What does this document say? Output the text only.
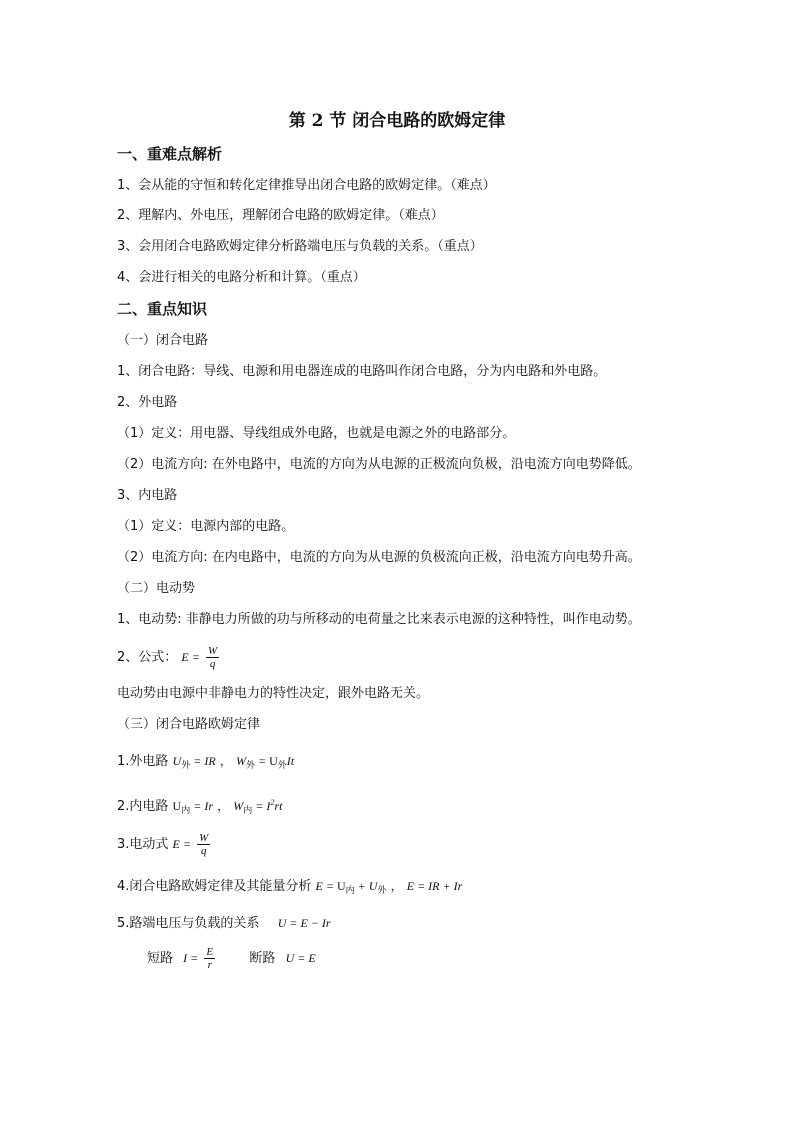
第 2 节 闭合电路的欧姆定律
一、重难点解析
1、会从能的守恒和转化定律推导出闭合电路的欧姆定律。（难点）
2、理解内、外电压，理解闭合电路的欧姆定律。（难点）
3、会用闭合电路欧姆定律分析路端电压与负载的关系。（重点）
4、会进行相关的电路分析和计算。（重点）
二、重点知识
（一）闭合电路
1、闭合电路：导线、电源和用电器连成的电路叫作闭合电路，分为内电路和外电路。
2、外电路
（1）定义：用电器、导线组成外电路，也就是电源之外的电路部分。
（2）电流方向: 在外电路中，电流的方向为从电源的正极流向负极，沿电流方向电势降低。
3、内电路
（1）定义：电源内部的电路。
（2）电流方向: 在内电路中，电流的方向为从电源的负极流向正极，沿电流方向电势升高。
（二）电动势
1、电动势: 非静电力所做的功与所移动的电荷量之比来表示电源的这种特性，叫作电动势。
2、公式： $E = \frac{W}{q}$
电动势由电源中非静电力的特性决定，跟外电路无关。
（三）闭合电路欧姆定律
1.外电路 $U_外$ = IR ， $W_外 = U_外It$
2.内电路 $U_内 = Ir$ ， $W_内 = I^2rt$
3.电动式 $E = \frac{W}{q}$
4.闭合电路欧姆定律及其能量分析 $E = U_内 + U_外$ ， E = IR + Ir
5.路端电压与负载的关系 U = E − Ir
短路 $I = \frac{E}{r}$	断路 U = E
